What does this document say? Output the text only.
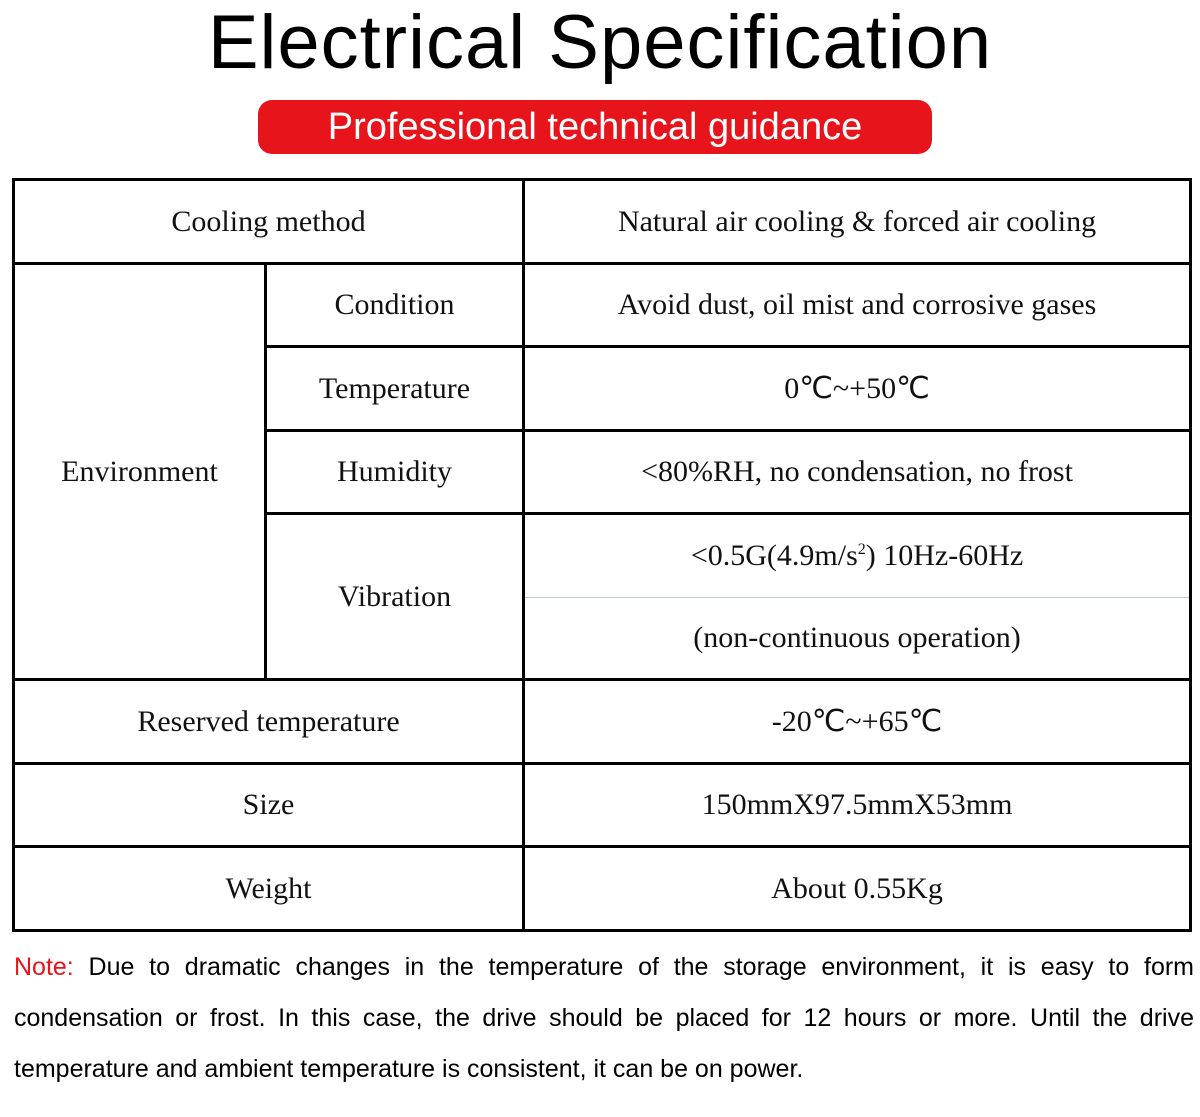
Electrical Specification
Professional technical guidance
Cooling method		Natural air cooling & forced air cooling
Environment	Condition	Avoid dust, oil mist and corrosive gases
	Temperature	0℃~+50℃
	Humidity	<80%RH, no condensation, no frost
	Vibration	$<0.5G(4.9m/s^2)$ 10Hz-60Hz
		(non-continuous operation)
Reserved temperature		-20℃~+65℃
Size		150mmX97.5mmX53mm
Weight		About 0.55Kg
Note: Due to dramatic changes in the temperature of the storage environment, it is easy to form condensation or frost. In this case, the drive should be placed for 12 hours or more. Until the drive temperature and ambient temperature is consistent, it can be on power.
